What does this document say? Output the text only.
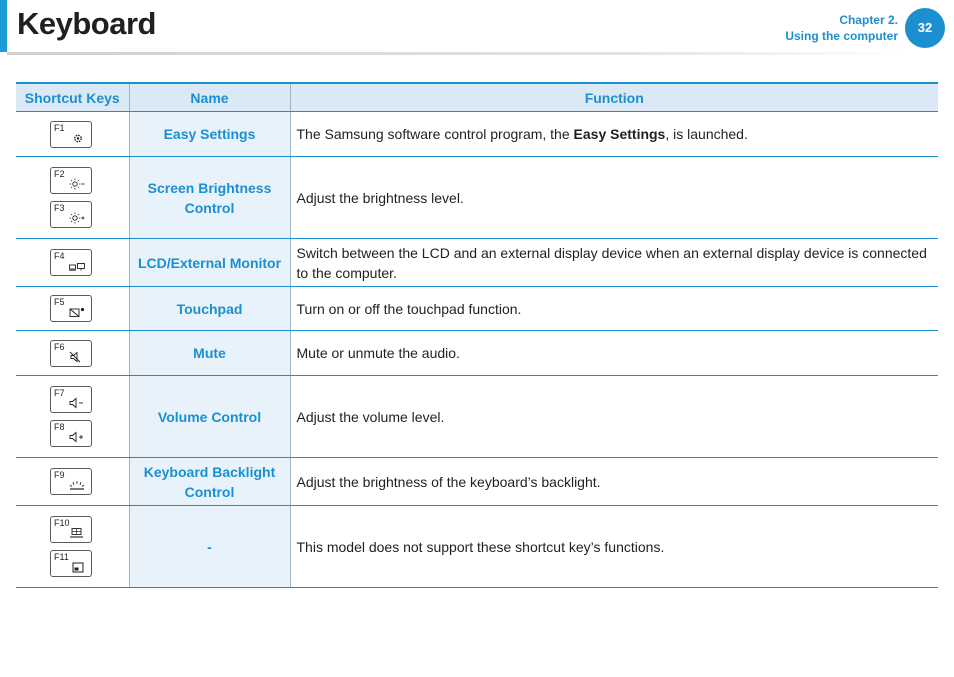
Keyboard	Chapter 2.
Using the computer
32
Shortcut Keys	Name	Function

F1	Easy Settings	The Samsung software control program, the Easy Settings, is launched.

F2
F3	Screen Brightness Control	Adjust the brightness level.

F4	LCD/External Monitor	Switch between the LCD and an external display device when an external display device is connected to the computer.

F5	Touchpad	Turn on or off the touchpad function.

F6	Mute	Mute or unmute the audio.

F7
F8	Volume Control	Adjust the volume level.

F9	Keyboard Backlight Control	Adjust the brightness of the keyboard’s backlight.

F10
F11	-	This model does not support these shortcut key’s functions.
